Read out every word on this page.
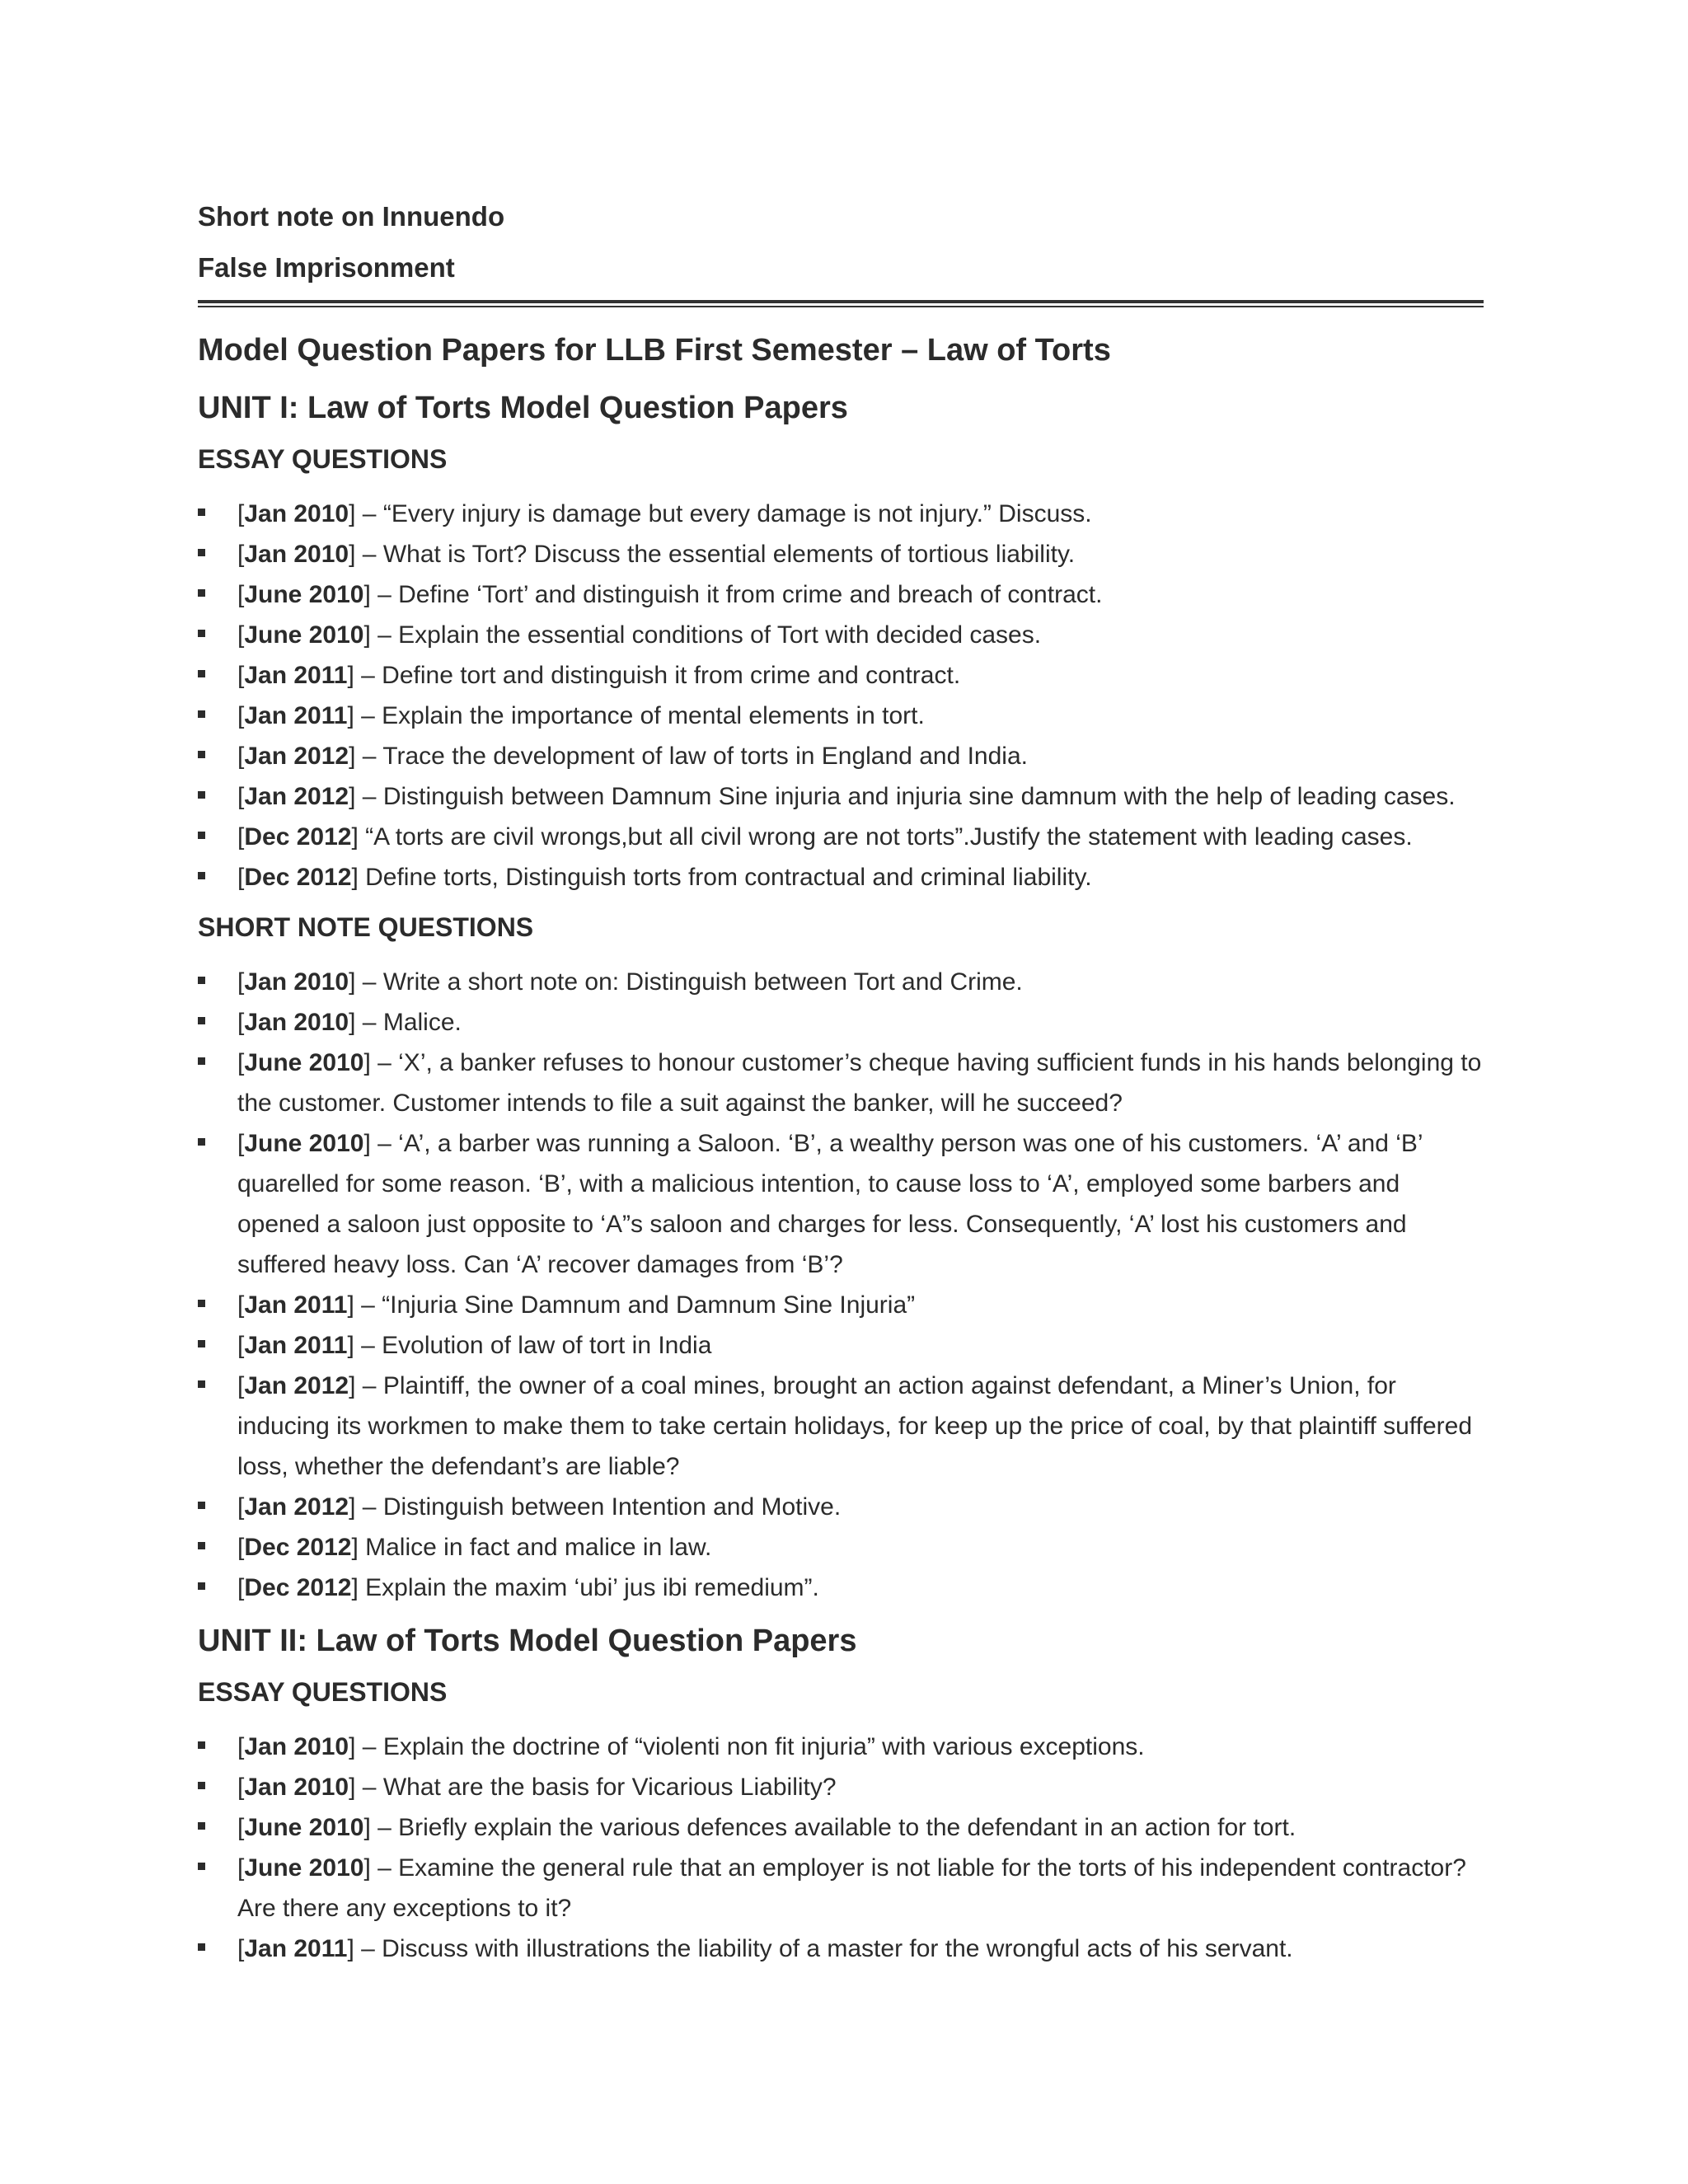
Short note on Innuendo

False Imprisonment

Model Question Papers for LLB First Semester – Law of Torts
UNIT I: Law of Torts Model Question Papers
ESSAY QUESTIONS
[Jan 2010] – “Every injury is damage but every damage is not injury.” Discuss.
[Jan 2010] – What is Tort? Discuss the essential elements of tortious liability.
[June 2010] – Define ‘Tort’ and distinguish it from crime and breach of contract.
[June 2010] – Explain the essential conditions of Tort with decided cases.
[Jan 2011] – Define tort and distinguish it from crime and contract.
[Jan 2011] – Explain the importance of mental elements in tort.
[Jan 2012] – Trace the development of law of torts in England and India.
[Jan 2012] – Distinguish between Damnum Sine injuria and injuria sine damnum with the help of leading cases.
[Dec 2012] “A torts are civil wrongs,but all civil wrong are not torts”.Justify the statement with leading cases.
[Dec 2012] Define torts, Distinguish torts from contractual and criminal liability.
SHORT NOTE QUESTIONS
[Jan 2010] – Write a short note on: Distinguish between Tort and Crime.
[Jan 2010] – Malice.
[June 2010] – ‘X’, a banker refuses to honour customer’s cheque having sufficient funds in his hands belonging to the customer. Customer intends to file a suit against the banker, will he succeed?
[June 2010] – ‘A’, a barber was running a Saloon. ‘B’, a wealthy person was one of his customers. ‘A’ and ‘B’ quarelled for some reason. ‘B’, with a malicious intention, to cause loss to ‘A’, employed some barbers and opened a saloon just opposite to ‘A”s saloon and charges for less. Consequently, ‘A’ lost his customers and suffered heavy loss. Can ‘A’ recover damages from ‘B’?
[Jan 2011] – “Injuria Sine Damnum and Damnum Sine Injuria”
[Jan 2011] – Evolution of law of tort in India
[Jan 2012] – Plaintiff, the owner of a coal mines, brought an action against defendant, a Miner’s Union, for inducing its workmen to make them to take certain holidays, for keep up the price of coal, by that plaintiff suffered loss, whether the defendant’s are liable?
[Jan 2012] – Distinguish between Intention and Motive.
[Dec 2012] Malice in fact and malice in law.
[Dec 2012] Explain the maxim ‘ubi’ jus ibi remedium”.
UNIT II: Law of Torts Model Question Papers
ESSAY QUESTIONS
[Jan 2010] – Explain the doctrine of “violenti non fit injuria” with various exceptions.
[Jan 2010] – What are the basis for Vicarious Liability?
[June 2010] – Briefly explain the various defences available to the defendant in an action for tort.
[June 2010] – Examine the general rule that an employer is not liable for the torts of his independent contractor? Are there any exceptions to it?
[Jan 2011] – Discuss with illustrations the liability of a master for the wrongful acts of his servant.
